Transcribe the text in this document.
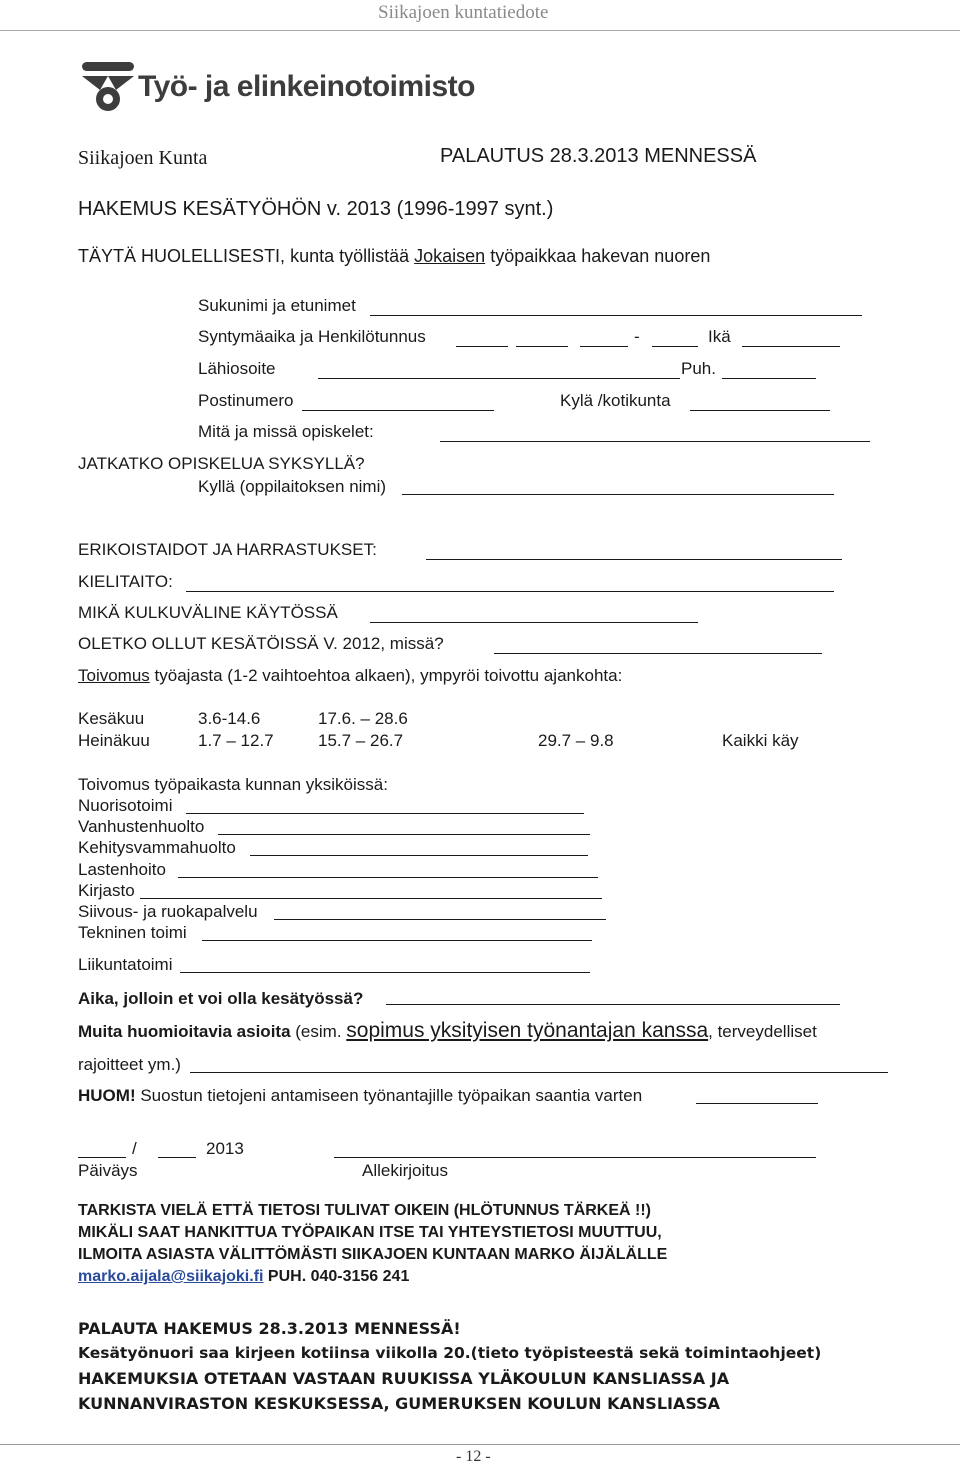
Siikajoen kuntatiedote
Työ- ja elinkeinotoimisto
Siikajoen Kunta	PALAUTUS 28.3.2013 MENNESSÄ
HAKEMUS KESÄTYÖHÖN v. 2013 (1996-1997 synt.)
TÄYTÄ HUOLELLISESTI, kunta työllistää Jokaisen työpaikkaa hakevan nuoren
Sukunimi ja etunimet
Syntymäaika ja Henkilötunnus	-	Ikä
Lähiosoite	Puh.
Postinumero	Kylä /kotikunta
Mitä ja missä opiskelet:
JATKATKO OPISKELUA SYKSYLLÄ?
Kyllä (oppilaitoksen nimi)
ERIKOISTAIDOT JA HARRASTUKSET:
KIELITAITO:
MIKÄ KULKUVÄLINE KÄYTÖSSÄ
OLETKO OLLUT KESÄTÖISSÄ V. 2012, missä?
Toivomus työajasta (1-2 vaihtoehtoa alkaen), ympyröi toivottu ajankohta:
Kesäkuu	3.6-14.6	17.6. – 28.6
Heinäkuu	1.7 – 12.7	15.7 – 26.7	29.7 – 9.8	Kaikki käy
Toivomus työpaikasta kunnan yksiköissä:
Nuorisotoimi
Vanhustenhuolto
Kehitysvammahuolto
Lastenhoito
Kirjasto
Siivous- ja ruokapalvelu
Tekninen toimi
Liikuntatoimi
Aika, jolloin et voi olla kesätyössä?
Muita huomioitavia asioita (esim. sopimus yksityisen työnantajan kanssa, terveydelliset
rajoitteet ym.)
HUOM! Suostun tietojeni antamiseen työnantajille työpaikan saantia varten
/	2013
Päiväys	Allekirjoitus
TARKISTA VIELÄ ETTÄ TIETOSI TULIVAT OIKEIN (HLÖTUNNUS TÄRKEÄ !!)
MIKÄLI SAAT HANKITTUA TYÖPAIKAN ITSE TAI YHTEYSTIETOSI MUUTTUU,
ILMOITA ASIASTA VÄLITTÖMÄSTI SIIKAJOEN KUNTAAN MARKO ÄIJÄLÄLLE
marko.aijala@siikajoki.fi PUH. 040-3156 241
PALAUTA HAKEMUS 28.3.2013 MENNESSÄ!
Kesätyönuori saa kirjeen kotiinsa viikolla 20.(tieto työpisteestä sekä toimintaohjeet)
HAKEMUKSIA OTETAAN VASTAAN RUUKISSA YLÄKOULUN KANSLIASSA JA
KUNNANVIRASTON KESKUKSESSA, GUMERUKSEN KOULUN KANSLIASSA
- 12 -
